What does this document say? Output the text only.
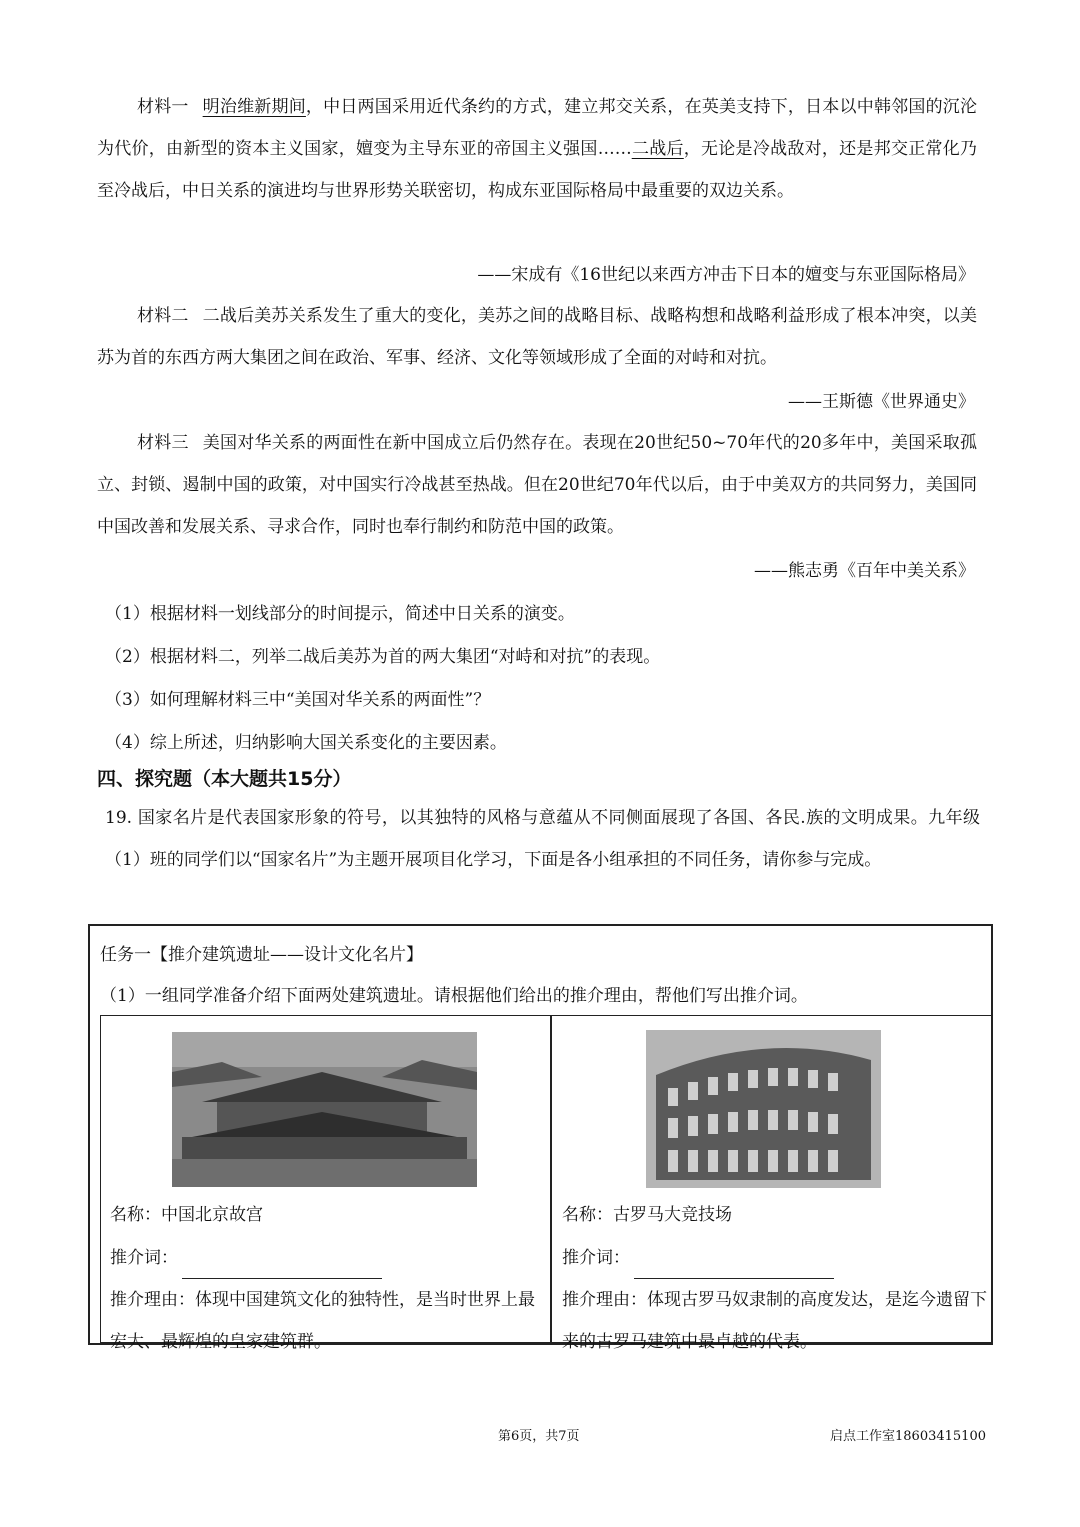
材料一 明治维新期间，中日两国采用近代条约的方式，建立邦交关系，在英美支持下，日本以中韩邻国的沉沦为代价，由新型的资本主义国家，嬗变为主导东亚的帝国主义强国……二战后，无论是冷战敌对，还是邦交正常化乃至冷战后，中日关系的演进均与世界形势关联密切，构成东亚国际格局中最重要的双边关系。
——宋成有《16世纪以来西方冲击下日本的嬗变与东亚国际格局》
材料二 二战后美苏关系发生了重大的变化，美苏之间的战略目标、战略构想和战略利益形成了根本冲突，以美苏为首的东西方两大集团之间在政治、军事、经济、文化等领域形成了全面的对峙和对抗。
——王斯德《世界通史》
材料三 美国对华关系的两面性在新中国成立后仍然存在。表现在20世纪50~70年代的20多年中，美国采取孤立、封锁、遏制中国的政策，对中国实行冷战甚至热战。但在20世纪70年代以后，由于中美双方的共同努力，美国同中国改善和发展关系、寻求合作，同时也奉行制约和防范中国的政策。
——熊志勇《百年中美关系》
（1）根据材料一划线部分的时间提示，简述中日关系的演变。
（2）根据材料二，列举二战后美苏为首的两大集团“对峙和对抗”的表现。
（3）如何理解材料三中“美国对华关系的两面性”？
（4）综上所述，归纳影响大国关系变化的主要因素。
四、探究题（本大题共15分）
19. 国家名片是代表国家形象的符号，以其独特的风格与意蕴从不同侧面展现了各国、各民.族的文明成果。九年级（1）班的同学们以“国家名片”为主题开展项目化学习，下面是各小组承担的不同任务，请你参与完成。
任务一【推介建筑遗址——设计文化名片】
（1）一组同学准备介绍下面两处建筑遗址。请根据他们给出的推介理由，帮他们写出推介词。
名称：中国北京故宫
推介词：
推介理由：体现中国建筑文化的独特性，是当时世界上最宏大、最辉煌的皇家建筑群。
名称：古罗马大竞技场
推介词：
推介理由：体现古罗马奴隶制的高度发达，是迄今遗留下来的古罗马建筑中最卓越的代表。
第6页，共7页	启点工作室18603415100
